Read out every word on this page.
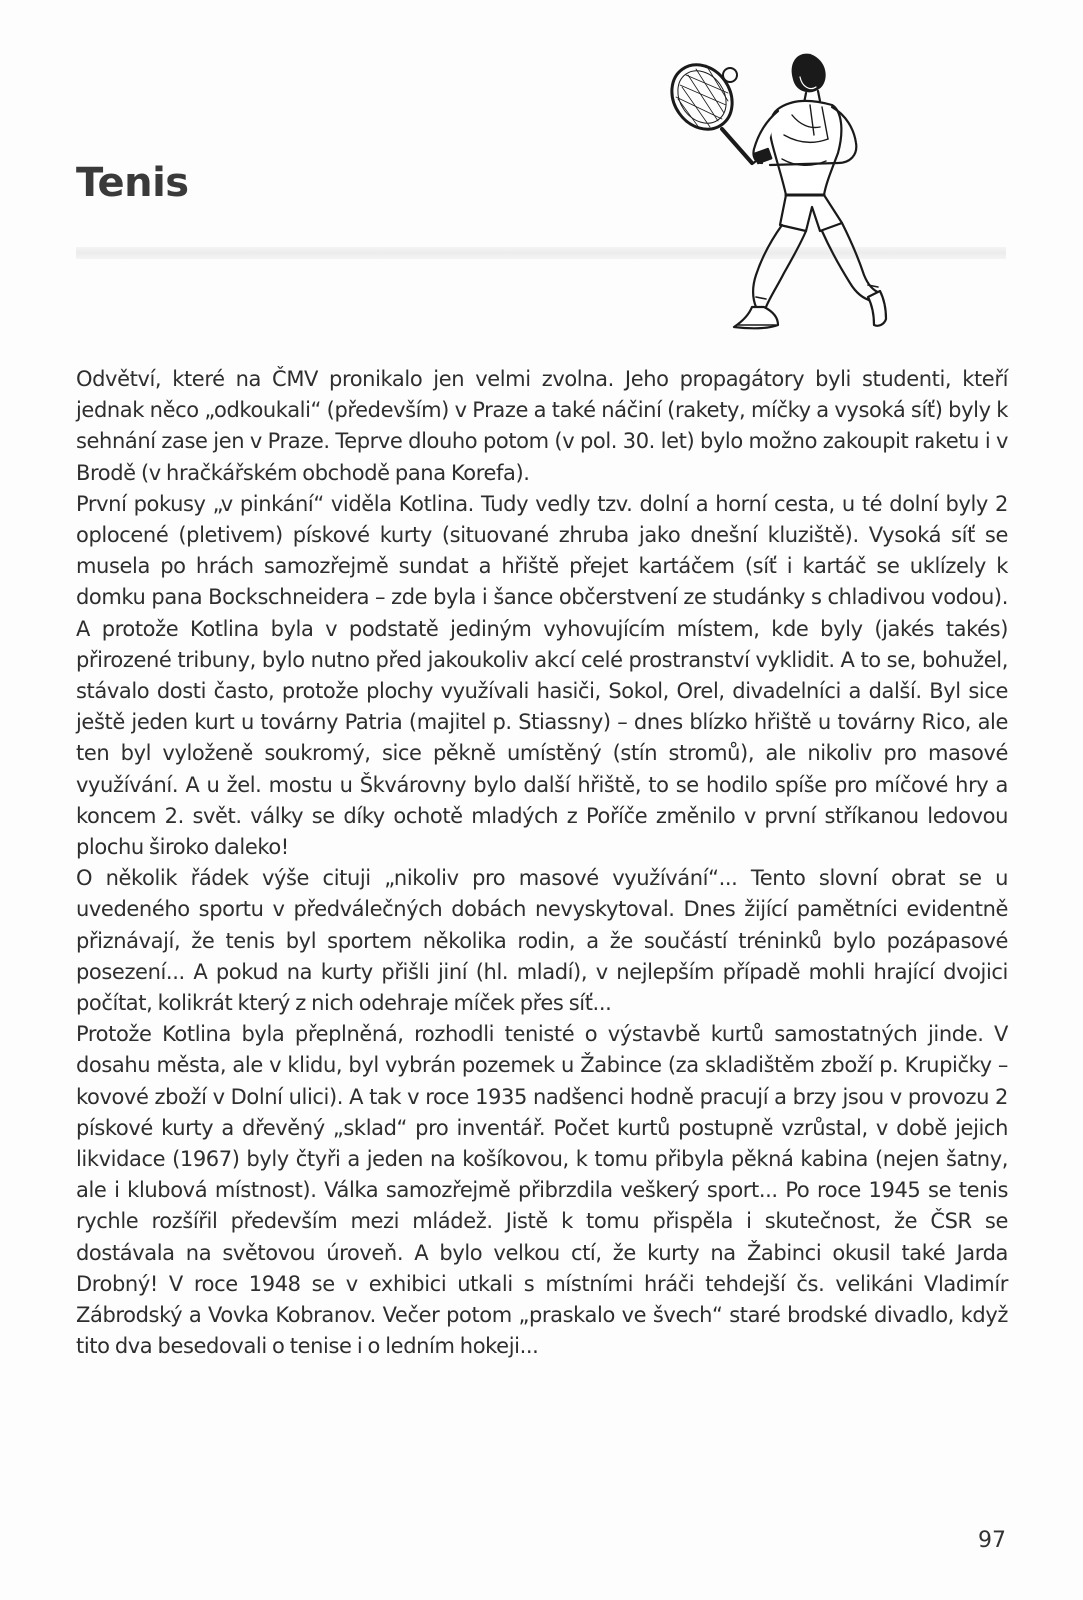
Tenis

Odvětví, které na ČMV pronikalo jen velmi zvolna. Jeho propagátory byli studenti, kteří jednak něco „odkoukali“ (především) v Praze a také náčiní (rakety, míčky a vysoká síť) byly k sehnání zase jen v Praze. Teprve dlouho potom (v pol. 30. let) bylo možno zakoupit raketu i v Brodě (v hračkářském obchodě pana Korefa).

První pokusy „v pinkání“ viděla Kotlina. Tudy vedly tzv. dolní a horní cesta, u té dolní byly 2 oplocené (pletivem) pískové kurty (situované zhruba jako dnešní kluziště). Vysoká síť se musela po hrách samozřejmě sundat a hřiště přejet kartáčem (síť i kartáč se uklízely k domku pana Bockschneidera – zde byla i šance občerstvení ze studánky s chladivou vodou). A protože Kotlina byla v podstatě jediným vyhovujícím místem, kde byly (jakés takés) přirozené tribuny, bylo nutno před jakoukoliv akcí celé prostranství vyklidit. A to se, bohužel, stávalo dosti často, protože plochy využívali hasiči, Sokol, Orel, divadelníci a další. Byl sice ještě jeden kurt u továrny Patria (majitel p. Stiassny) – dnes blízko hřiště u továrny Rico, ale ten byl vyloženě soukromý, sice pěkně umístěný (stín stromů), ale nikoliv pro masové využívání. A u žel. mostu u Škvárovny bylo další hřiště, to se hodilo spíše pro míčové hry a koncem 2. svět. války se díky ochotě mladých z Poříče změnilo v první stříkanou ledovou plochu široko daleko!

O několik řádek výše cituji „nikoliv pro masové využívání“... Tento slovní obrat se u uvedeného sportu v předválečných dobách nevyskytoval. Dnes žijící pamětníci evidentně přiznávají, že tenis byl sportem několika rodin, a že součástí tréninků bylo pozápasové posezení... A pokud na kurty přišli jiní (hl. mladí), v nejlepším případě mohli hrající dvojici počítat, kolikrát který z nich odehraje míček přes síť...

Protože Kotlina byla přeplněná, rozhodli tenisté o výstavbě kurtů samostatných jinde. V dosahu města, ale v klidu, byl vybrán pozemek u Žabince (za skladištěm zboží p. Krupičky – kovové zboží v Dolní ulici). A tak v roce 1935 nadšenci hodně pracují a brzy jsou v provozu 2 pískové kurty a dřevěný „sklad“ pro inventář. Počet kurtů postupně vzrůstal, v době jejich likvidace (1967) byly čtyři a jeden na košíkovou, k tomu přibyla pěkná kabina (nejen šatny, ale i klubová místnost). Válka samozřejmě přibrzdila veškerý sport... Po roce 1945 se tenis rychle rozšířil především mezi mládež. Jistě k tomu přispěla i skutečnost, že ČSR se dostávala na světovou úroveň. A bylo velkou ctí, že kurty na Žabinci okusil také Jarda Drobný! V roce 1948 se v exhibici utkali s místními hráči tehdejší čs. velikáni Vladimír Zábrodský a Vovka Kobranov. Večer potom „praskalo ve švech“ staré brodské divadlo, když tito dva besedovali o tenise i o ledním hokeji...

97
